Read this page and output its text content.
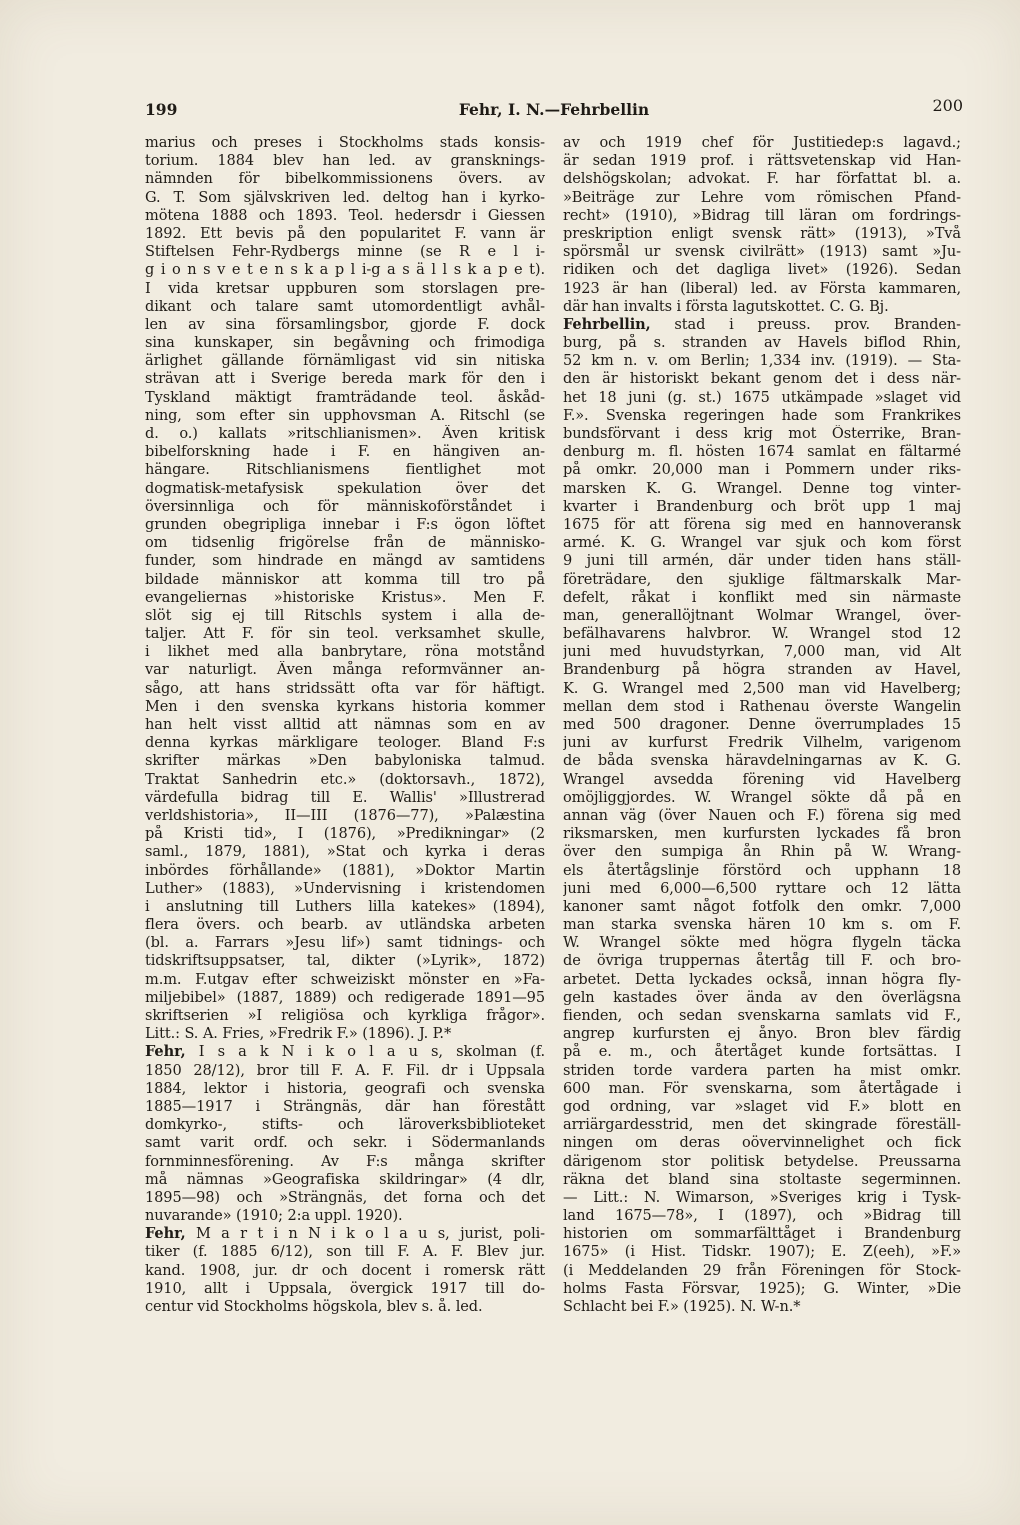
199	Fehr, I. N.—Fehrbellin	200
marius och preses i Stockholms stads konsis-
torium. 1884 blev han led. av gransknings-
nämnden för bibelkommissionens övers. av
G. T. Som självskriven led. deltog han i kyrko-
mötena 1888 och 1893. Teol. hedersdr i Giessen
1892. Ett bevis på den popularitet F. vann är
Stiftelsen Fehr-Rydbergs minne (se R e l i-
g i o n s v e t e n s k a p l i-g a s ä l l s k a p e t).
I vida kretsar uppburen som storslagen pre-
dikant och talare samt utomordentligt avhål-
len av sina församlingsbor, gjorde F. dock
sina kunskaper, sin begåvning och frimodiga
ärlighet gällande förnämligast vid sin nitiska
strävan att i Sverige bereda mark för den i
Tyskland mäktigt framträdande teol. åskåd-
ning, som efter sin upphovsman A. Ritschl (se
d. o.) kallats »ritschlianismen». Även kritisk
bibelforskning hade i F. en hängiven an-
hängare. Ritschlianismens fientlighet mot
dogmatisk-metafysisk spekulation över det
översinnliga och för människoförståndet i
grunden obegripliga innebar i F:s ögon löftet
om tidsenlig frigörelse från de människo-
funder, som hindrade en mängd av samtidens
bildade människor att komma till tro på
evangeliernas »historiske Kristus». Men F.
slöt sig ej till Ritschls system i alla de-
taljer. Att F. för sin teol. verksamhet skulle,
i likhet med alla banbrytare, röna motstånd
var naturligt. Även många reformvänner an-
sågo, att hans stridssätt ofta var för häftigt.
Men i den svenska kyrkans historia kommer
han helt visst alltid att nämnas som en av
denna kyrkas märkligare teologer. Bland F:s
skrifter märkas »Den babyloniska talmud.
Traktat Sanhedrin etc.» (doktorsavh., 1872),
värdefulla bidrag till E. Wallis' »Illustrerad
verldshistoria», II—III (1876—77), »Palæstina
på Kristi tid», I (1876), »Predikningar» (2
saml., 1879, 1881), »Stat och kyrka i deras
inbördes förhållande» (1881), »Doktor Martin
Luther» (1883), »Undervisning i kristendomen
i anslutning till Luthers lilla katekes» (1894),
flera övers. och bearb. av utländska arbeten
(bl. a. Farrars »Jesu lif») samt tidnings- och
tidskriftsuppsatser, tal, dikter (»Lyrik», 1872)
m.m. F.utgav efter schweiziskt mönster en »Fa-
miljebibel» (1887, 1889) och redigerade 1891—95
skriftserien »I religiösa och kyrkliga frågor».
Litt.: S. A. Fries, »Fredrik F.» (1896). J. P.*
Fehr, I s a k N i k o l a u s, skolman (f.
1850 28/12), bror till F. A. F. Fil. dr i Uppsala
1884, lektor i historia, geografi och svenska
1885—1917 i Strängnäs, där han förestått
domkyrko-, stifts- och läroverksbiblioteket
samt varit ordf. och sekr. i Södermanlands
fornminnesförening. Av F:s många skrifter
må nämnas »Geografiska skildringar» (4 dlr,
1895—98) och »Strängnäs, det forna och det
nuvarande» (1910; 2:a uppl. 1920).
Fehr, M a r t i n N i k o l a u s, jurist, poli-
tiker (f. 1885 6/12), son till F. A. F. Blev jur.
kand. 1908, jur. dr och docent i romersk rätt
1910, allt i Uppsala, övergick 1917 till do-
centur vid Stockholms högskola, blev s. å. led.
av och 1919 chef för Justitiedep:s lagavd.;
är sedan 1919 prof. i rättsvetenskap vid Han-
delshögskolan; advokat. F. har författat bl. a.
»Beiträge zur Lehre vom römischen Pfand-
recht» (1910), »Bidrag till läran om fordrings-
preskription enligt svensk rätt» (1913), »Två
spörsmål ur svensk civilrätt» (1913) samt »Ju-
ridiken och det dagliga livet» (1926). Sedan
1923 är han (liberal) led. av Första kammaren,
där han invalts i första lagutskottet. C. G. Bj.
Fehrbellin, stad i preuss. prov. Branden-
burg, på s. stranden av Havels biflod Rhin,
52 km n. v. om Berlin; 1,334 inv. (1919). — Sta-
den är historiskt bekant genom det i dess när-
het 18 juni (g. st.) 1675 utkämpade »slaget vid
F.». Svenska regeringen hade som Frankrikes
bundsförvant i dess krig mot Österrike, Bran-
denburg m. fl. hösten 1674 samlat en fältarmé
på omkr. 20,000 man i Pommern under riks-
marsken K. G. Wrangel. Denne tog vinter-
kvarter i Brandenburg och bröt upp 1 maj
1675 för att förena sig med en hannoveransk
armé. K. G. Wrangel var sjuk och kom först
9 juni till armén, där under tiden hans ställ-
företrädare, den sjuklige fältmarskalk Mar-
defelt, råkat i konflikt med sin närmaste
man, generallöjtnant Wolmar Wrangel, över-
befälhavarens halvbror. W. Wrangel stod 12
juni med huvudstyrkan, 7,000 man, vid Alt
Brandenburg på högra stranden av Havel,
K. G. Wrangel med 2,500 man vid Havelberg;
mellan dem stod i Rathenau överste Wangelin
med 500 dragoner. Denne överrumplades 15
juni av kurfurst Fredrik Vilhelm, varigenom
de båda svenska häravdelningarnas av K. G.
Wrangel avsedda förening vid Havelberg
omöjliggjordes. W. Wrangel sökte då på en
annan väg (över Nauen och F.) förena sig med
riksmarsken, men kurfursten lyckades få bron
över den sumpiga ån Rhin på W. Wrang-
els återtågslinje förstörd och upphann 18
juni med 6,000—6,500 ryttare och 12 lätta
kanoner samt något fotfolk den omkr. 7,000
man starka svenska hären 10 km s. om F.
W. Wrangel sökte med högra flygeln täcka
de övriga truppernas återtåg till F. och bro-
arbetet. Detta lyckades också, innan högra fly-
geln kastades över ända av den överlägsna
fienden, och sedan svenskarna samlats vid F.,
angrep kurfursten ej ånyo. Bron blev färdig
på e. m., och återtåget kunde fortsättas. I
striden torde vardera parten ha mist omkr.
600 man. För svenskarna, som återtågade i
god ordning, var »slaget vid F.» blott en
arriärgardesstrid, men det skingrade föreställ-
ningen om deras oövervinnelighet och fick
därigenom stor politisk betydelse. Preussarna
räkna det bland sina stoltaste segerminnen.
— Litt.: N. Wimarson, »Sveriges krig i Tysk-
land 1675—78», I (1897), och »Bidrag till
historien om sommarfälttåget i Brandenburg
1675» (i Hist. Tidskr. 1907); E. Z(eeh), »F.»
(i Meddelanden 29 från Föreningen för Stock-
holms Fasta Försvar, 1925); G. Winter, »Die
Schlacht bei F.» (1925). N. W-n.*
